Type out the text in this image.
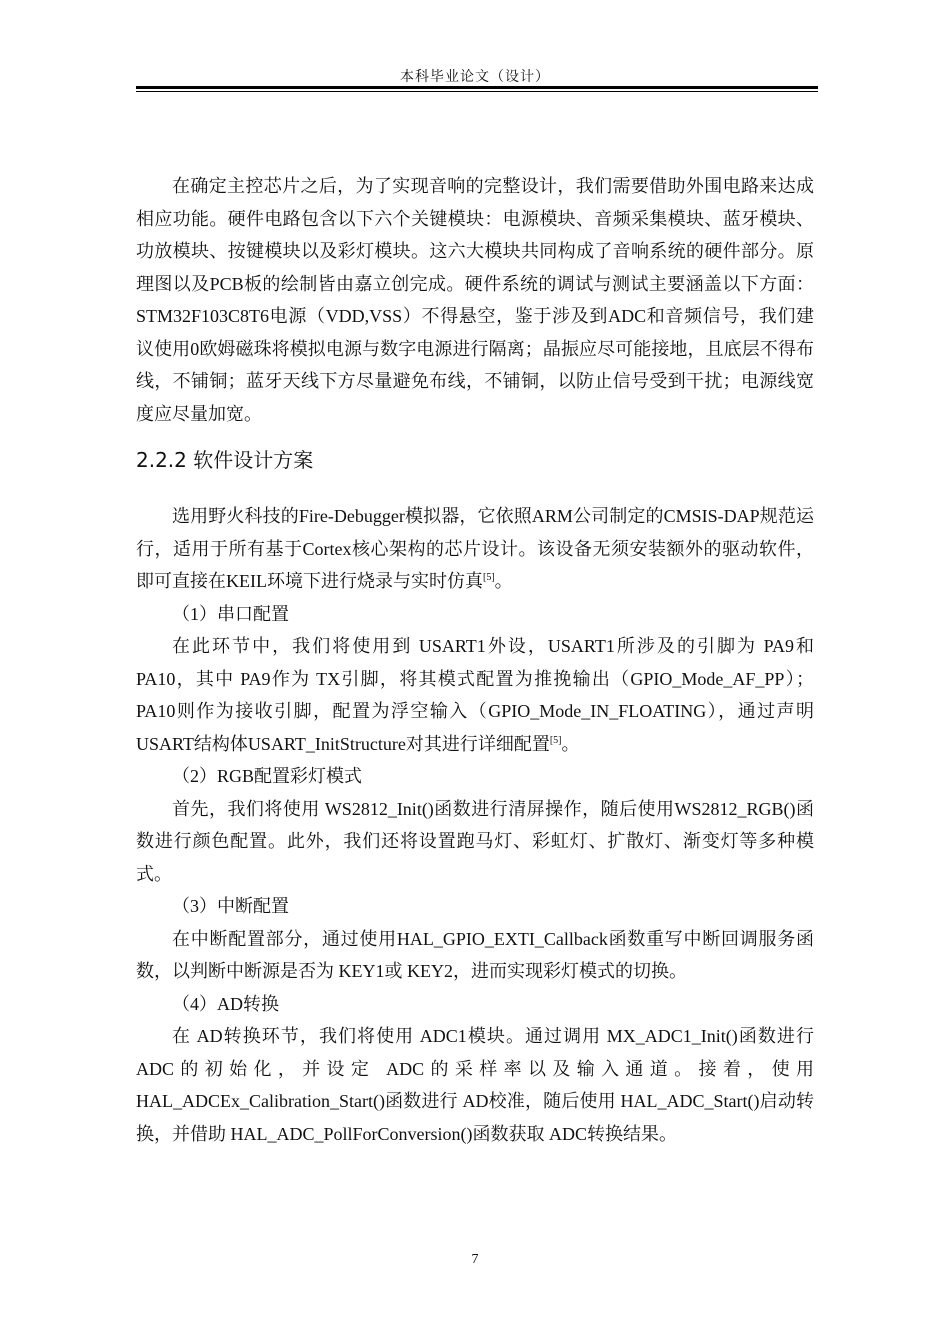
本科毕业论文（设计）

在确定主控芯片之后，为了实现音响的完整设计，我们需要借助外围电路来达成相应功能。硬件电路包含以下六个关键模块：电源模块、音频采集模块、蓝牙模块、功放模块、按键模块以及彩灯模块。这六大模块共同构成了音响系统的硬件部分。原理图以及PCB板的绘制皆由嘉立创完成。硬件系统的调试与测试主要涵盖以下方面：STM32F103C8T6电源（VDD,VSS）不得悬空，鉴于涉及到ADC和音频信号，我们建议使用0欧姆磁珠将模拟电源与数字电源进行隔离；晶振应尽可能接地，且底层不得布线，不铺铜；蓝牙天线下方尽量避免布线，不铺铜，以防止信号受到干扰；电源线宽度应尽量加宽。

2.2.2 软件设计方案

选用野火科技的Fire-Debugger模拟器，它依照ARM公司制定的CMSIS-DAP规范运行，适用于所有基于Cortex核心架构的芯片设计。该设备无须安装额外的驱动软件，即可直接在KEIL环境下进行烧录与实时仿真[5]。

（1）串口配置

在此环节中，我们将使用到 USART1外设，USART1所涉及的引脚为 PA9和 PA10，其中 PA9作为 TX引脚，将其模式配置为推挽输出（GPIO_Mode_AF_PP）；PA10则作为接收引脚，配置为浮空输入（GPIO_Mode_IN_FLOATING），通过声明 USART结构体USART_InitStructure对其进行详细配置[5]。

（2）RGB配置彩灯模式

首先，我们将使用 WS2812_Init()函数进行清屏操作，随后使用WS2812_RGB()函数进行颜色配置。此外，我们还将设置跑马灯、彩虹灯、扩散灯、渐变灯等多种模式。

（3）中断配置

在中断配置部分，通过使用HAL_GPIO_EXTI_Callback函数重写中断回调服务函数，以判断中断源是否为 KEY1或 KEY2，进而实现彩灯模式的切换。

（4）AD转换

在 AD转换环节，我们将使用 ADC1模块。通过调用 MX_ADC1_Init()函数进行 ADC的初始化，并设定 ADC的采样率以及输入通道。接着，使用HAL_ADCEx_Calibration_Start()函数进行 AD校准，随后使用 HAL_ADC_Start()启动转换，并借助 HAL_ADC_PollForConversion()函数获取 ADC转换结果。

7
